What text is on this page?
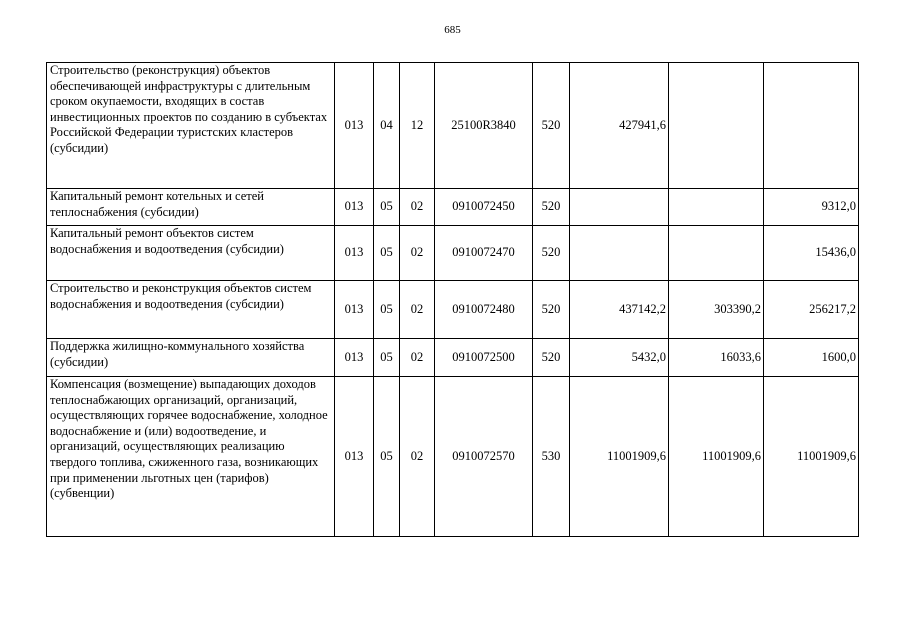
685
Строительство (реконструкция) объектов обеспечивающей инфраструктуры с длительным сроком окупаемости, входящих в состав инвестиционных проектов по созданию в субъектах Российской Федерации туристских кластеров (субсидии)	013	04	12	25100R3840	520	427941,6		
Капитальный ремонт котельных и сетей теплоснабжения (субсидии)	013	05	02	0910072450	520			9312,0
Капитальный ремонт объектов систем водоснабжения и водоотведения (субсидии)	013	05	02	0910072470	520			15436,0
Строительство и реконструкция объектов систем водоснабжения и водоотведения (субсидии)	013	05	02	0910072480	520	437142,2	303390,2	256217,2
Поддержка жилищно-коммунального хозяйства (субсидии)	013	05	02	0910072500	520	5432,0	16033,6	1600,0
Компенсация (возмещение) выпадающих доходов теплоснабжающих организаций, организаций, осуществляющих горячее водоснабжение, холодное водоснабжение и (или) водоотведение, и организаций, осуществляющих реализацию твердого топлива, сжиженного газа, возникающих при применении льготных цен (тарифов) (субвенции)	013	05	02	0910072570	530	11001909,6	11001909,6	11001909,6
